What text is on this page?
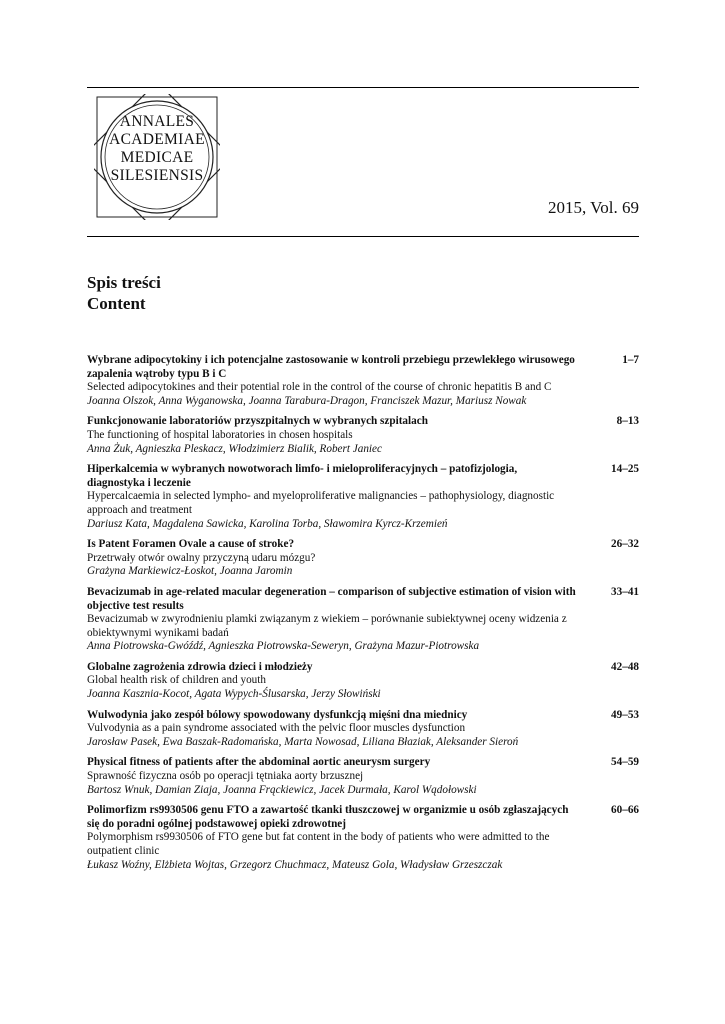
ANNALES
ACADEMIAE
MEDICAE
SILESIENSIS
2015, Vol. 69
Spis treści
Content
Wybrane adipocytokiny i ich potencjalne zastosowanie w kontroli przebiegu przewlekłego wirusowego zapalenia wątroby typu B i C
Selected adipocytokines and their potential role in the control of the course of chronic hepatitis B and C
Joanna Olszok, Anna Wyganowska, Joanna Tarabura-Dragon, Franciszek Mazur, Mariusz Nowak
1–7
Funkcjonowanie laboratoriów przyszpitalnych w wybranych szpitalach
The functioning of hospital laboratories in chosen hospitals
Anna Żuk, Agnieszka Pleskacz, Włodzimierz Bialik, Robert Janiec
8–13
Hiperkalcemia w wybranych nowotworach limfo- i mieloproliferacyjnych – patofizjologia, diagnostyka i leczenie
Hypercalcaemia in selected lympho- and myeloproliferative malignancies – pathophysiology, diagnostic approach and treatment
Dariusz Kata, Magdalena Sawicka, Karolina Torba, Sławomira Kyrcz-Krzemień
14–25
Is Patent Foramen Ovale a cause of stroke?
Przetrwały otwór owalny przyczyną udaru mózgu?
Grażyna Markiewicz-Łoskot, Joanna Jaromin
26–32
Bevacizumab in age-related macular degeneration – comparison of subjective estimation of vision with objective test results
Bevacizumab w zwyrodnieniu plamki związanym z wiekiem – porównanie subiektywnej oceny widzenia z obiektywnymi wynikami badań
Anna Piotrowska-Gwóźdź, Agnieszka Piotrowska-Seweryn, Grażyna Mazur-Piotrowska
33–41
Globalne zagrożenia zdrowia dzieci i młodzieży
Global health risk of children and youth
Joanna Kasznia-Kocot, Agata Wypych-Ślusarska, Jerzy Słowiński
42–48
Wulwodynia jako zespół bólowy spowodowany dysfunkcją mięśni dna miednicy
Vulvodynia as a pain syndrome associated with the pelvic floor muscles dysfunction
Jarosław Pasek, Ewa Baszak-Radomańska, Marta Nowosad, Liliana Błaziak, Aleksander Sieroń
49–53
Physical fitness of patients after the abdominal aortic aneurysm surgery
Sprawność fizyczna osób po operacji tętniaka aorty brzusznej
Bartosz Wnuk, Damian Ziaja, Joanna Frąckiewicz, Jacek Durmała, Karol Wądołowski
54–59
Polimorfizm rs9930506 genu FTO a zawartość tkanki tłuszczowej w organizmie u osób zgłaszających się do poradni ogólnej podstawowej opieki zdrowotnej
Polymorphism rs9930506 of FTO gene but fat content in the body of patients who were admitted to the outpatient clinic
Łukasz Woźny, Elżbieta Wojtas, Grzegorz Chuchmacz, Mateusz Gola, Władysław Grzeszczak
60–66
